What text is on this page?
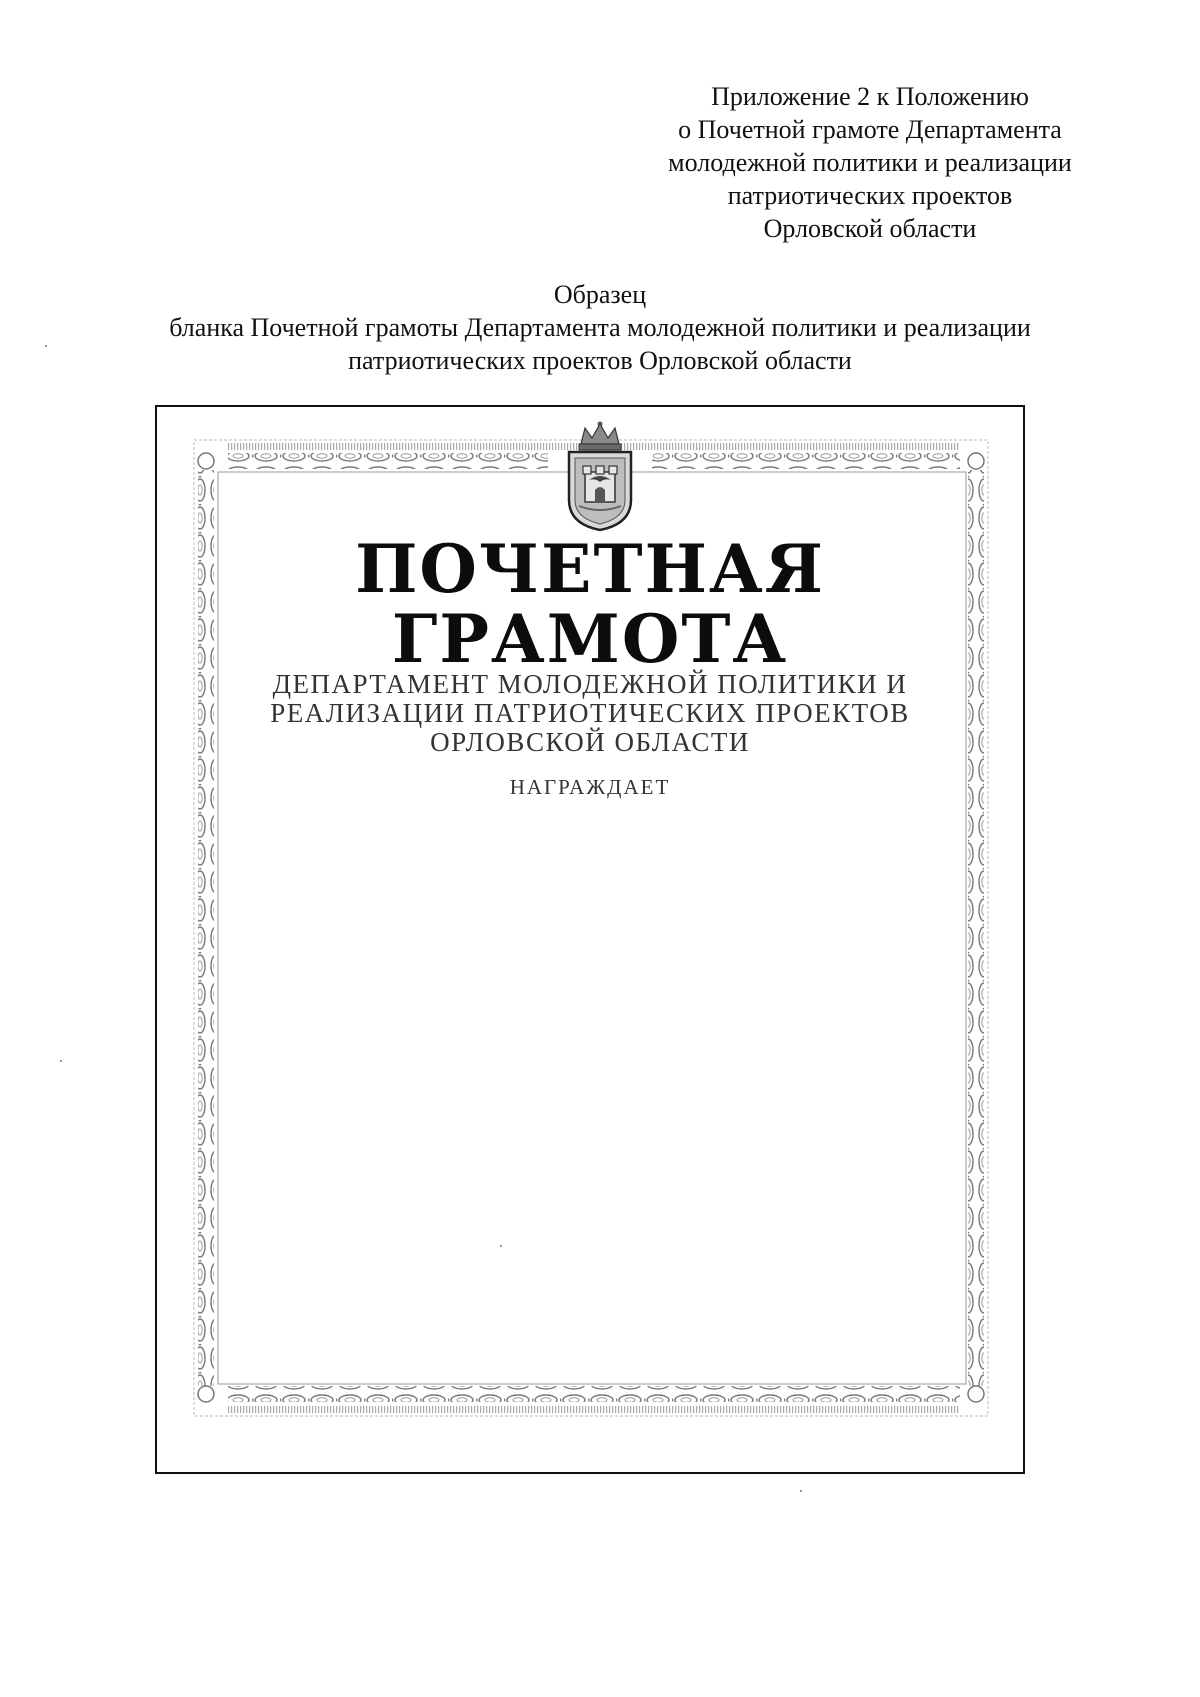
Приложение 2 к Положению
о Почетной грамоте Департамента
молодежной политики и реализации
патриотических проектов
Орловской области
Образец
бланка Почетной грамоты Департамента молодежной политики и реализации
патриотических проектов Орловской области
ПОЧЕТНАЯ
ГРАМОТА
ДЕПАРТАМЕНТ МОЛОДЕЖНОЙ ПОЛИТИКИ И
РЕАЛИЗАЦИИ ПАТРИОТИЧЕСКИХ ПРОЕКТОВ
ОРЛОВСКОЙ ОБЛАСТИ
НАГРАЖДАЕТ
